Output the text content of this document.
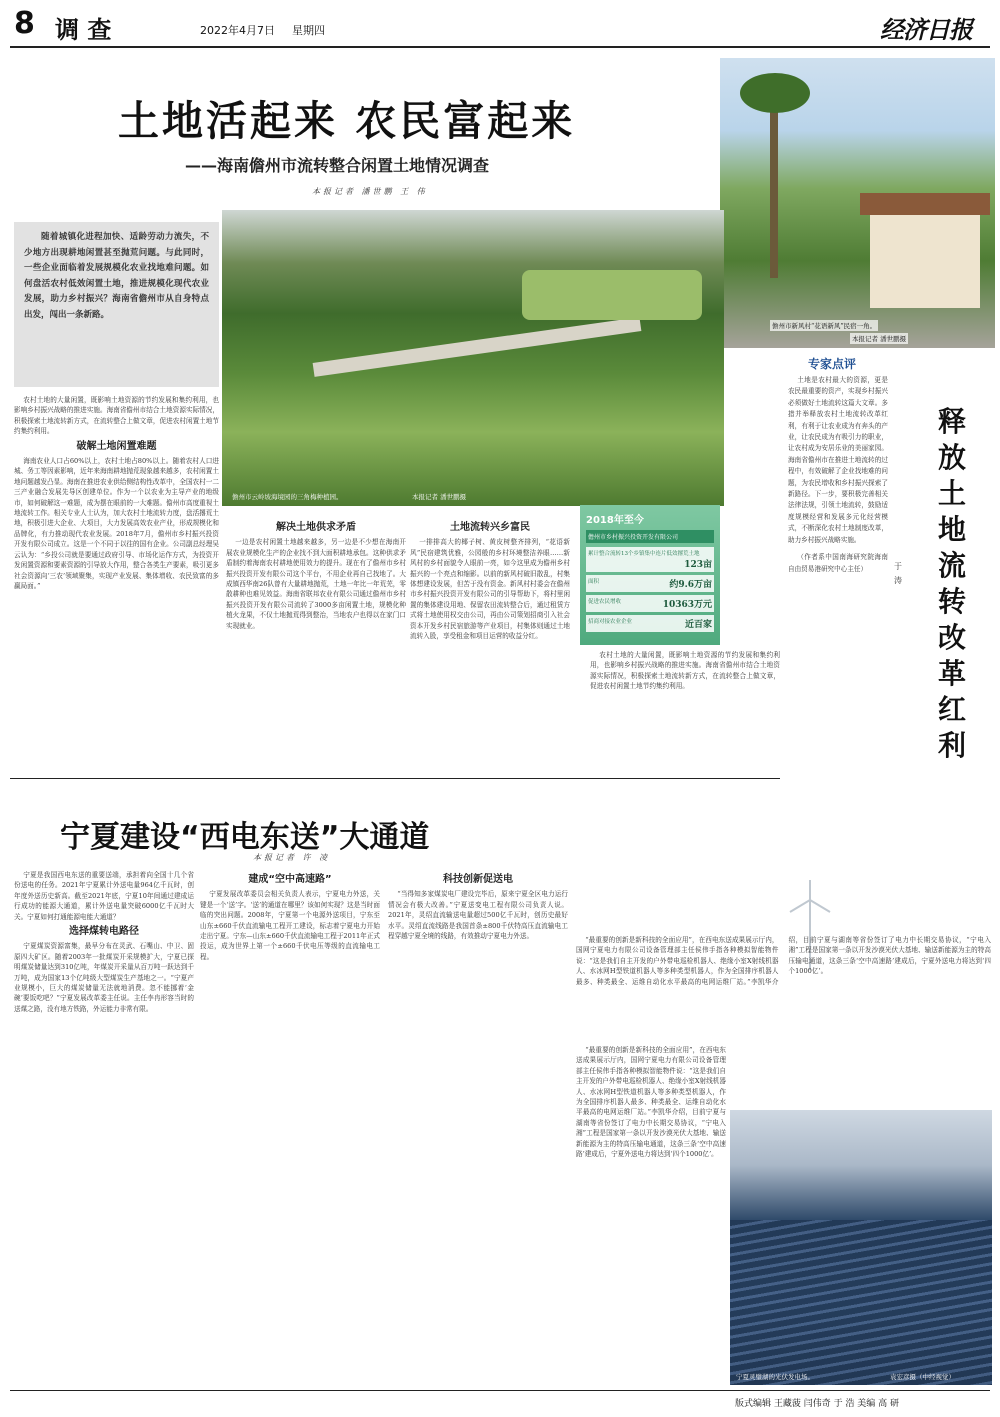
8 调 查	2022年4月7日 星期四	经济日报
土地活起来 农民富起来
——海南儋州市流转整合闲置土地情况调查
本报记者 潘世鹏 王 伟
儋州市新风村“花语新风”民宿一角。
本报记者 潘世鹏摄
随着城镇化进程加快、适龄劳动力流失，不少地方出现耕地闲置甚至抛荒问题。与此同时，一些企业面临着发展规模化农业找地难问题。如何盘活农村低效闲置土地，推进规模化现代农业发展，助力乡村振兴？海南省儋州市从自身特点出发，闯出一条新路。
儋州市云岭坡海境园的三角梅种植园。	本报记者 潘世鹏摄
专家点评
释放土地流转改革红利
于 涛

土地是农村最大的资源，更是农民最重要的资产，实现乡村振兴必须做好土地流转这篇大文章。多措并举释放农村土地流转改革红利，有利于让农业成为有奔头的产业，让农民成为有吸引力的职业，让农村成为安居乐业的美丽家园。海南省儋州市在推进土地流转的过程中，有效破解了企业找地难的问题，为农民增收和乡村振兴探索了新路径。下一步，要积极完善相关法律法规，引领土地流转，鼓励适度规模经营和发展多元化经营模式，不断深化农村土地制度改革，助力乡村振兴战略实施。

（作者系中国南海研究院海南自由贸易港研究中心主任）

农村土地的大量闲置，既影响土地资源的节约发展和集约利用，也影响乡村振兴战略的推进实施。海南省儋州市结合土地资源实际情况，积极探索土地流转新方式，在流转整合上做文章，促进农村闲置土地节约集约利用。

破解土地闲置难题

海南农业人口占60%以上，农村土地占80%以上。随着农村人口进城、务工等因素影响，近年来海南耕地抛荒现象越来越多，农村闲置土地问题越发凸显。海南在推进农业供给侧结构性改革中，全国农村一二三产业融合发展先导区创建单位。作为一个以农业为主导产业的地级市，如何破解这一难题，成为摆在眼前的一大难题。儋州市高度重视土地流转工作。相关专业人士认为，加大农村土地流转力度，盘活撂荒土地，积极引进大企业、大项目，大力发展高效农业产业，形成规模化和品牌化，有力推动现代农业发展。2018年7月，儋州市乡村振兴投资开发有限公司成立。这是一个不同于以往的国有企业。公司副总经理吴云认为：“乡投公司就是要通过政府引导、市场化运作方式，为投资开发闲置资源和要素资源的引导放大作用，整合各类生产要素，吸引更多社会资源向‘三农’领域聚集，实现产业发展、集体增收、农民致富的多赢局面。”

解决土地供求矛盾

一边是农村闲置土地越来越多，另一边是不少想在海南开展农业规模化生产的企业找不到大面积耕地承包。这种供求矛盾制约着海南农村耕地使用效力的提升。现在有了儋州市乡村振兴投资开发有限公司这个平台，不用企业再自己找地了。大成镇西华南26队曾有大量耕地抛荒，土地一年比一年荒芜，零散耕种也难见效益。海南省联邦农业有限公司通过儋州市乡村振兴投资开发有限公司流转了3000多亩闲置土地，规模化种植火龙果，不仅土地抛荒得到整治，当地农户也得以在家门口实现就业。

土地流转兴乡富民

一排排高大的椰子树、黄皮树整齐排列，“花语新风”民宿建筑优雅，公园般的乡村环境整洁养眼……新风村的乡村面貌令人眼前一亮，如今这里成为儋州乡村振兴的一个亮点和缩影。以前的新风村破旧散乱，村集体想建设发展，但苦于没有资金。新风村村委会在儋州市乡村振兴投资开发有限公司的引导帮助下，将村里闲置的集体建设用地、保留农田流转整合后，通过租赁方式将土地使用权交由公司，再由公司策划招商引入社会资本开发乡村民宿旅游等产业项目，村集体则通过土地流转入股，享受租金和项目运营的收益分红。

2018年至今
儋州市乡村振兴投资开发有限公司
累计整合流转13个乡镇集中连片低效撂荒土地
123亩
面积	约9.6万亩
促进农民增收	10363万元
招商对接农业企业	近百家

农村土地的大量闲置，既影响土地资源的节约发展和集约利用，也影响乡村振兴战略的推进实施。海南省儋州市结合土地资源实际情况，积极探索土地流转新方式，在流转整合上做文章，促进农村闲置土地节约集约利用。

宁夏建设“西电东送”大通道
本报记者 许 凌

宁夏是我国西电东送的重要送端，承担着向全国十几个省份送电的任务。2021年宁夏累计外送电量964亿千瓦时，创年度外送历史新高。截至2021年底，宁夏10年间通过建成运行成功的能源大通道，累计外送电量突破6000亿千瓦时大关。宁夏如何打通能源电能大通道？

选择煤转电路径

宁夏煤炭资源富集，最早分布在灵武、石嘴山、中卫、固原四大矿区。随着2003年一批煤炭开采规模扩大，宁夏已探明煤炭储量达到310亿吨，年煤炭开采量从百万吨一跃达到千万吨，成为国家13个亿吨级大型煤炭生产基地之一。“宁夏产业规模小，巨大的煤炭储量无法就地消费。忽不能挪着‘金碗’要饭吃吧？”宁夏发展改革委主任说。主任李冉形容当时的送煤之路，没有地方铁路，外运能力非常有限。

建成“空中高速路”

宁夏发展改革委员会相关负责人表示，宁夏电力外送，关键是一个‘送’字。‘送’的通道在哪里？该如何实现？这是当时面临的突出问题。2008年，宁夏第一个电源外送项目，宁东至山东±660千伏直流输电工程开工建设，标志着宁夏电力开始走出宁夏。宁东—山东±660千伏直流输电工程于2011年正式投运，成为世界上第一个±660千伏电压等级的直流输电工程。

科技创新促送电

“当得知多家煤炭电厂建设完毕后，原来宁夏全区电力运行情况会有极大改善。”宁夏送变电工程有限公司负责人说。2021年，灵绍直流输送电量超过500亿千瓦时，创历史最好水平。灵绍直流线路是我国首条±800千伏特高压直流输电工程穿越宁夏全境的线路，有效推动宁夏电力外送。

“最重要的创新是新科技的全面应用”，在西电东送成果展示厅内，国网宁夏电力有限公司设备管理部主任侯伟手指各种模拟智能物件说：“这是我们自主开发的户外带电巡检机器人、绝缘小室X射线机器人、水冰网H型铁道机器人等多种类型机器人，作为全国排序机器人最多、种类最全、运维自动化水平最高的电网运维厂站。”李凯华介绍，目前宁夏与湖南等省份签订了电力中长期交易协议，“宁电入湘”工程是国家第一条以开发沙漠光伏大基地、输送新能源为主的特高压输电通道，这条三条‘空中高速路’建成后，宁夏外送电力将达到‘四个1000亿’。

“最重要的创新是新科技的全面应用”，在西电东送成果展示厅内，国网宁夏电力有限公司设备管理部主任侯伟手指各种模拟智能物件说：“这是我们自主开发的户外带电巡检机器人、绝缘小室X射线机器人、水冰网H型铁道机器人等多种类型机器人，作为全国排序机器人最多、种类最全、运维自动化水平最高的电网运维厂站。”李凯华介绍，目前宁夏与湖南等省份签订了电力中长期交易协议，“宁电入湘”工程是国家第一条以开发沙漠光伏大基地、输送新能源为主的特高压输电通道，这条三条‘空中高速路’建成后，宁夏外送电力将达到‘四个1000亿’。

宁夏灵璧湖的光伏发电场。	袁宏彦摄（中经视觉）
版式编辑 王藏菠 闫伟奇 于 浩 美编 高 研
